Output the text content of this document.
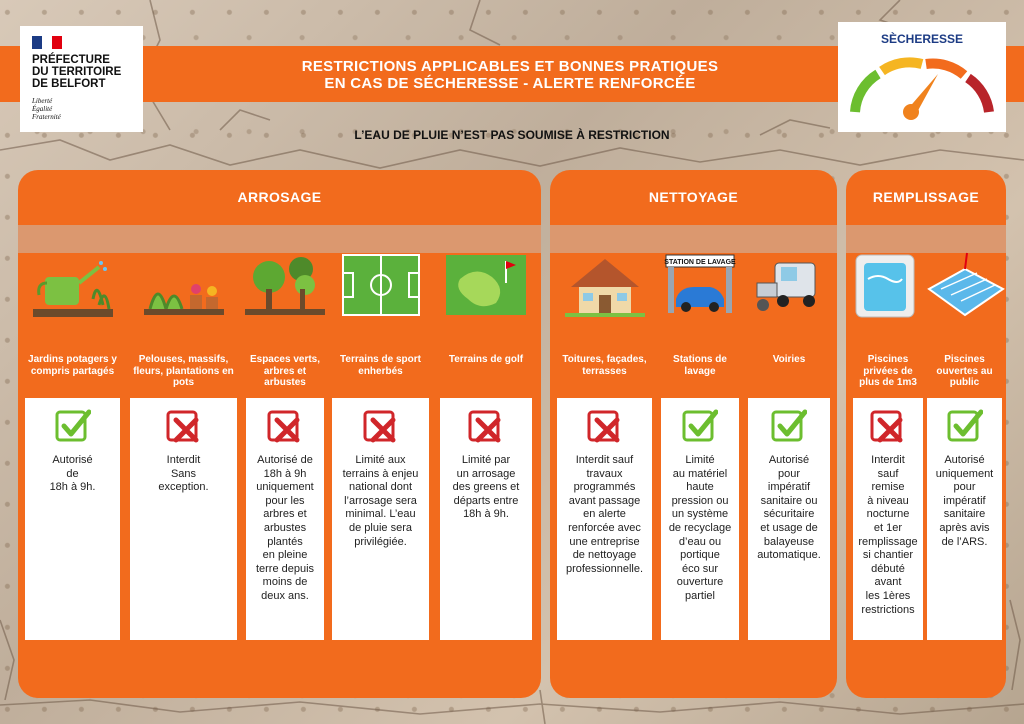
PRÉFECTURE
DU TERRITOIRE
DE BELFORT
Liberté
Égalité
Fraternité
RESTRICTIONS APPLICABLES ET BONNES PRATIQUES
EN CAS DE SÉCHERESSE - ALERTE RENFORCÉE
SÈCHERESSE
L’EAU DE PLUIE N’EST PAS SOUMISE À RESTRICTION
ARROSAGE	NETTOYAGE	REMPLISSAGE
Jardins potagers y compris partagés
Autorisé
de
18h à 9h.
Pelouses, massifs, fleurs, plantations en pots
Interdit
Sans
exception.
Espaces verts, arbres et arbustes
Autorisé de
18h à 9h
uniquement
pour les
arbres et
arbustes
plantés
en pleine
terre depuis
moins de
deux ans.
Terrains de sport enherbés
Limité aux
terrains à enjeu
national dont
l’arrosage sera
minimal. L’eau
de pluie sera
privilégiée.
Terrains de golf
Limité par
un arrosage
des greens et
départs entre
18h à 9h.
Toitures, façades, terrasses
Interdit sauf
travaux
programmés
avant passage
en alerte
renforcée avec
une entreprise
de nettoyage
professionnelle.
STATION DE LAVAGE
Stations de lavage
Limité
au matériel
haute
pression ou
un système
de recyclage
d’eau ou
portique
éco sur
ouverture
partiel
Voiries
Autorisé
pour
impératif
sanitaire ou
sécuritaire
et usage de
balayeuse
automatique.
Piscines privées de plus de 1m3
Interdit
sauf
remise
à niveau
nocturne
et 1er
remplissage
si chantier
débuté
avant
les 1ères
restrictions
Piscines ouvertes au public
Autorisé
uniquement
pour
impératif
sanitaire
après avis
de l’ARS.
